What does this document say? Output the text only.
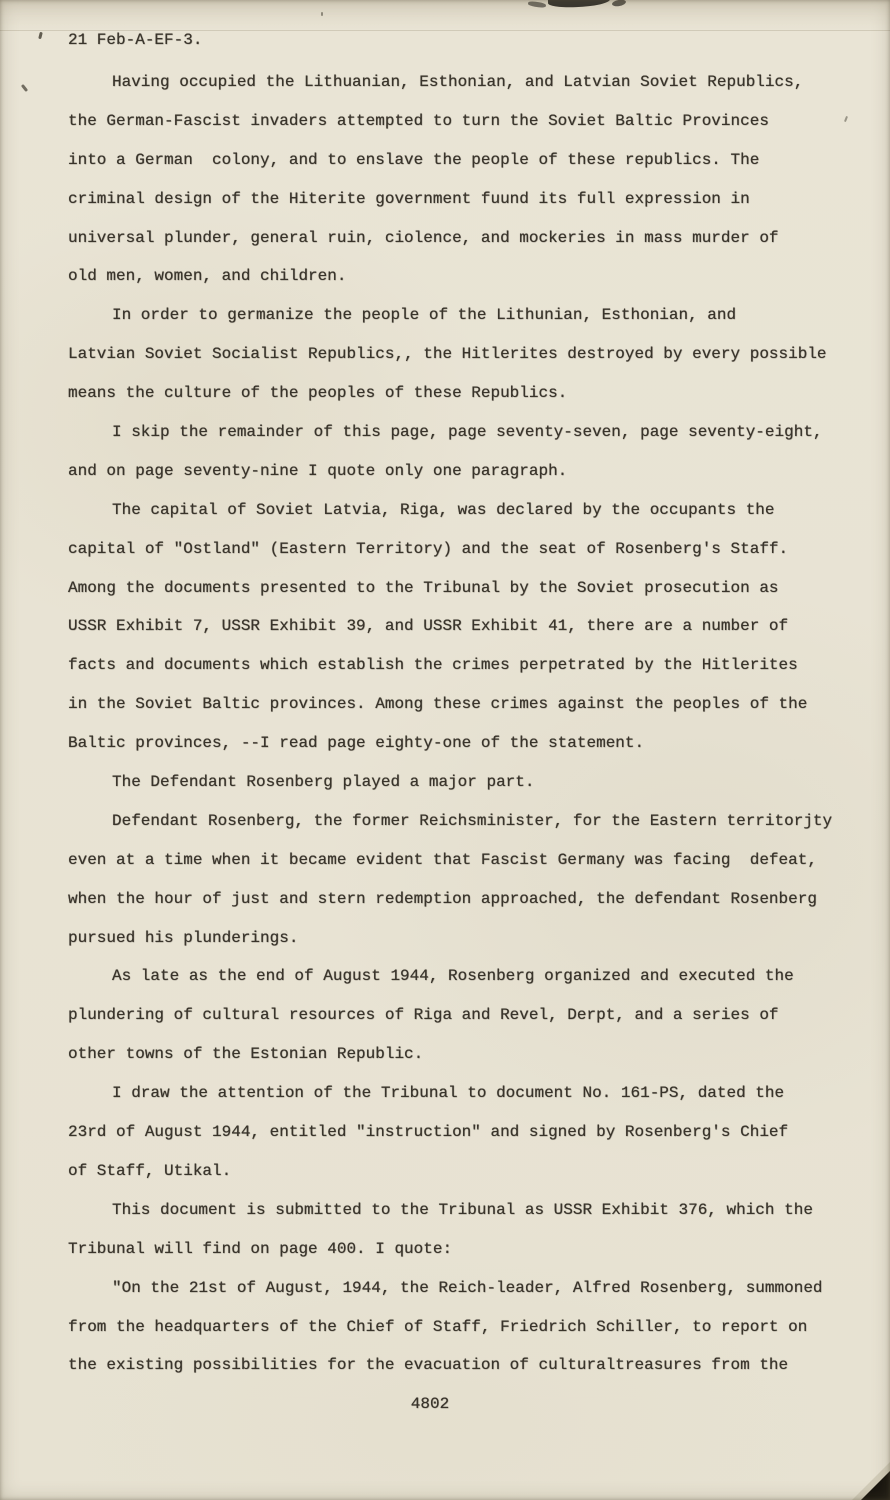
21 Feb-A-EF-3.
Having occupied the Lithuanian, Esthonian, and Latvian Soviet Republics,
the German-Fascist invaders attempted to turn the Soviet Baltic Provinces
into a German  colony, and to enslave the people of these republics. The
criminal design of the Hiterite government fuund its full expression in
universal plunder, general ruin, ciolence, and mockeries in mass murder of
old men, women, and children.
In order to germanize the people of the Lithunian, Esthonian, and
Latvian Soviet Socialist Republics,, the Hitlerites destroyed by every possible
means the culture of the peoples of these Republics.
I skip the remainder of this page, page seventy-seven, page seventy-eight,
and on page seventy-nine I quote only one paragraph.
The capital of Soviet Latvia, Riga, was declared by the occupants the
capital of "Ostland" (Eastern Territory) and the seat of Rosenberg's Staff.
Among the documents presented to the Tribunal by the Soviet prosecution as
USSR Exhibit 7, USSR Exhibit 39, and USSR Exhibit 41, there are a number of
facts and documents which establish the crimes perpetrated by the Hitlerites
in the Soviet Baltic provinces. Among these crimes against the peoples of the
Baltic provinces, --I read page eighty-one of the statement.
The Defendant Rosenberg played a major part.
Defendant Rosenberg, the former Reichsminister, for the Eastern territorjty
even at a time when it became evident that Fascist Germany was facing  defeat,
when the hour of just and stern redemption approached, the defendant Rosenberg
pursued his plunderings.
As late as the end of August 1944, Rosenberg organized and executed the
plundering of cultural resources of Riga and Revel, Derpt, and a series of
other towns of the Estonian Republic.
I draw the attention of the Tribunal to document No. 161-PS, dated the
23rd of August 1944, entitled "instruction" and signed by Rosenberg's Chief
of Staff, Utikal.
This document is submitted to the Tribunal as USSR Exhibit 376, which the
Tribunal will find on page 400. I quote:
"On the 21st of August, 1944, the Reich-leader, Alfred Rosenberg, summoned
from the headquarters of the Chief of Staff, Friedrich Schiller, to report on
the existing possibilities for the evacuation of culturaltreasures from the
4802
